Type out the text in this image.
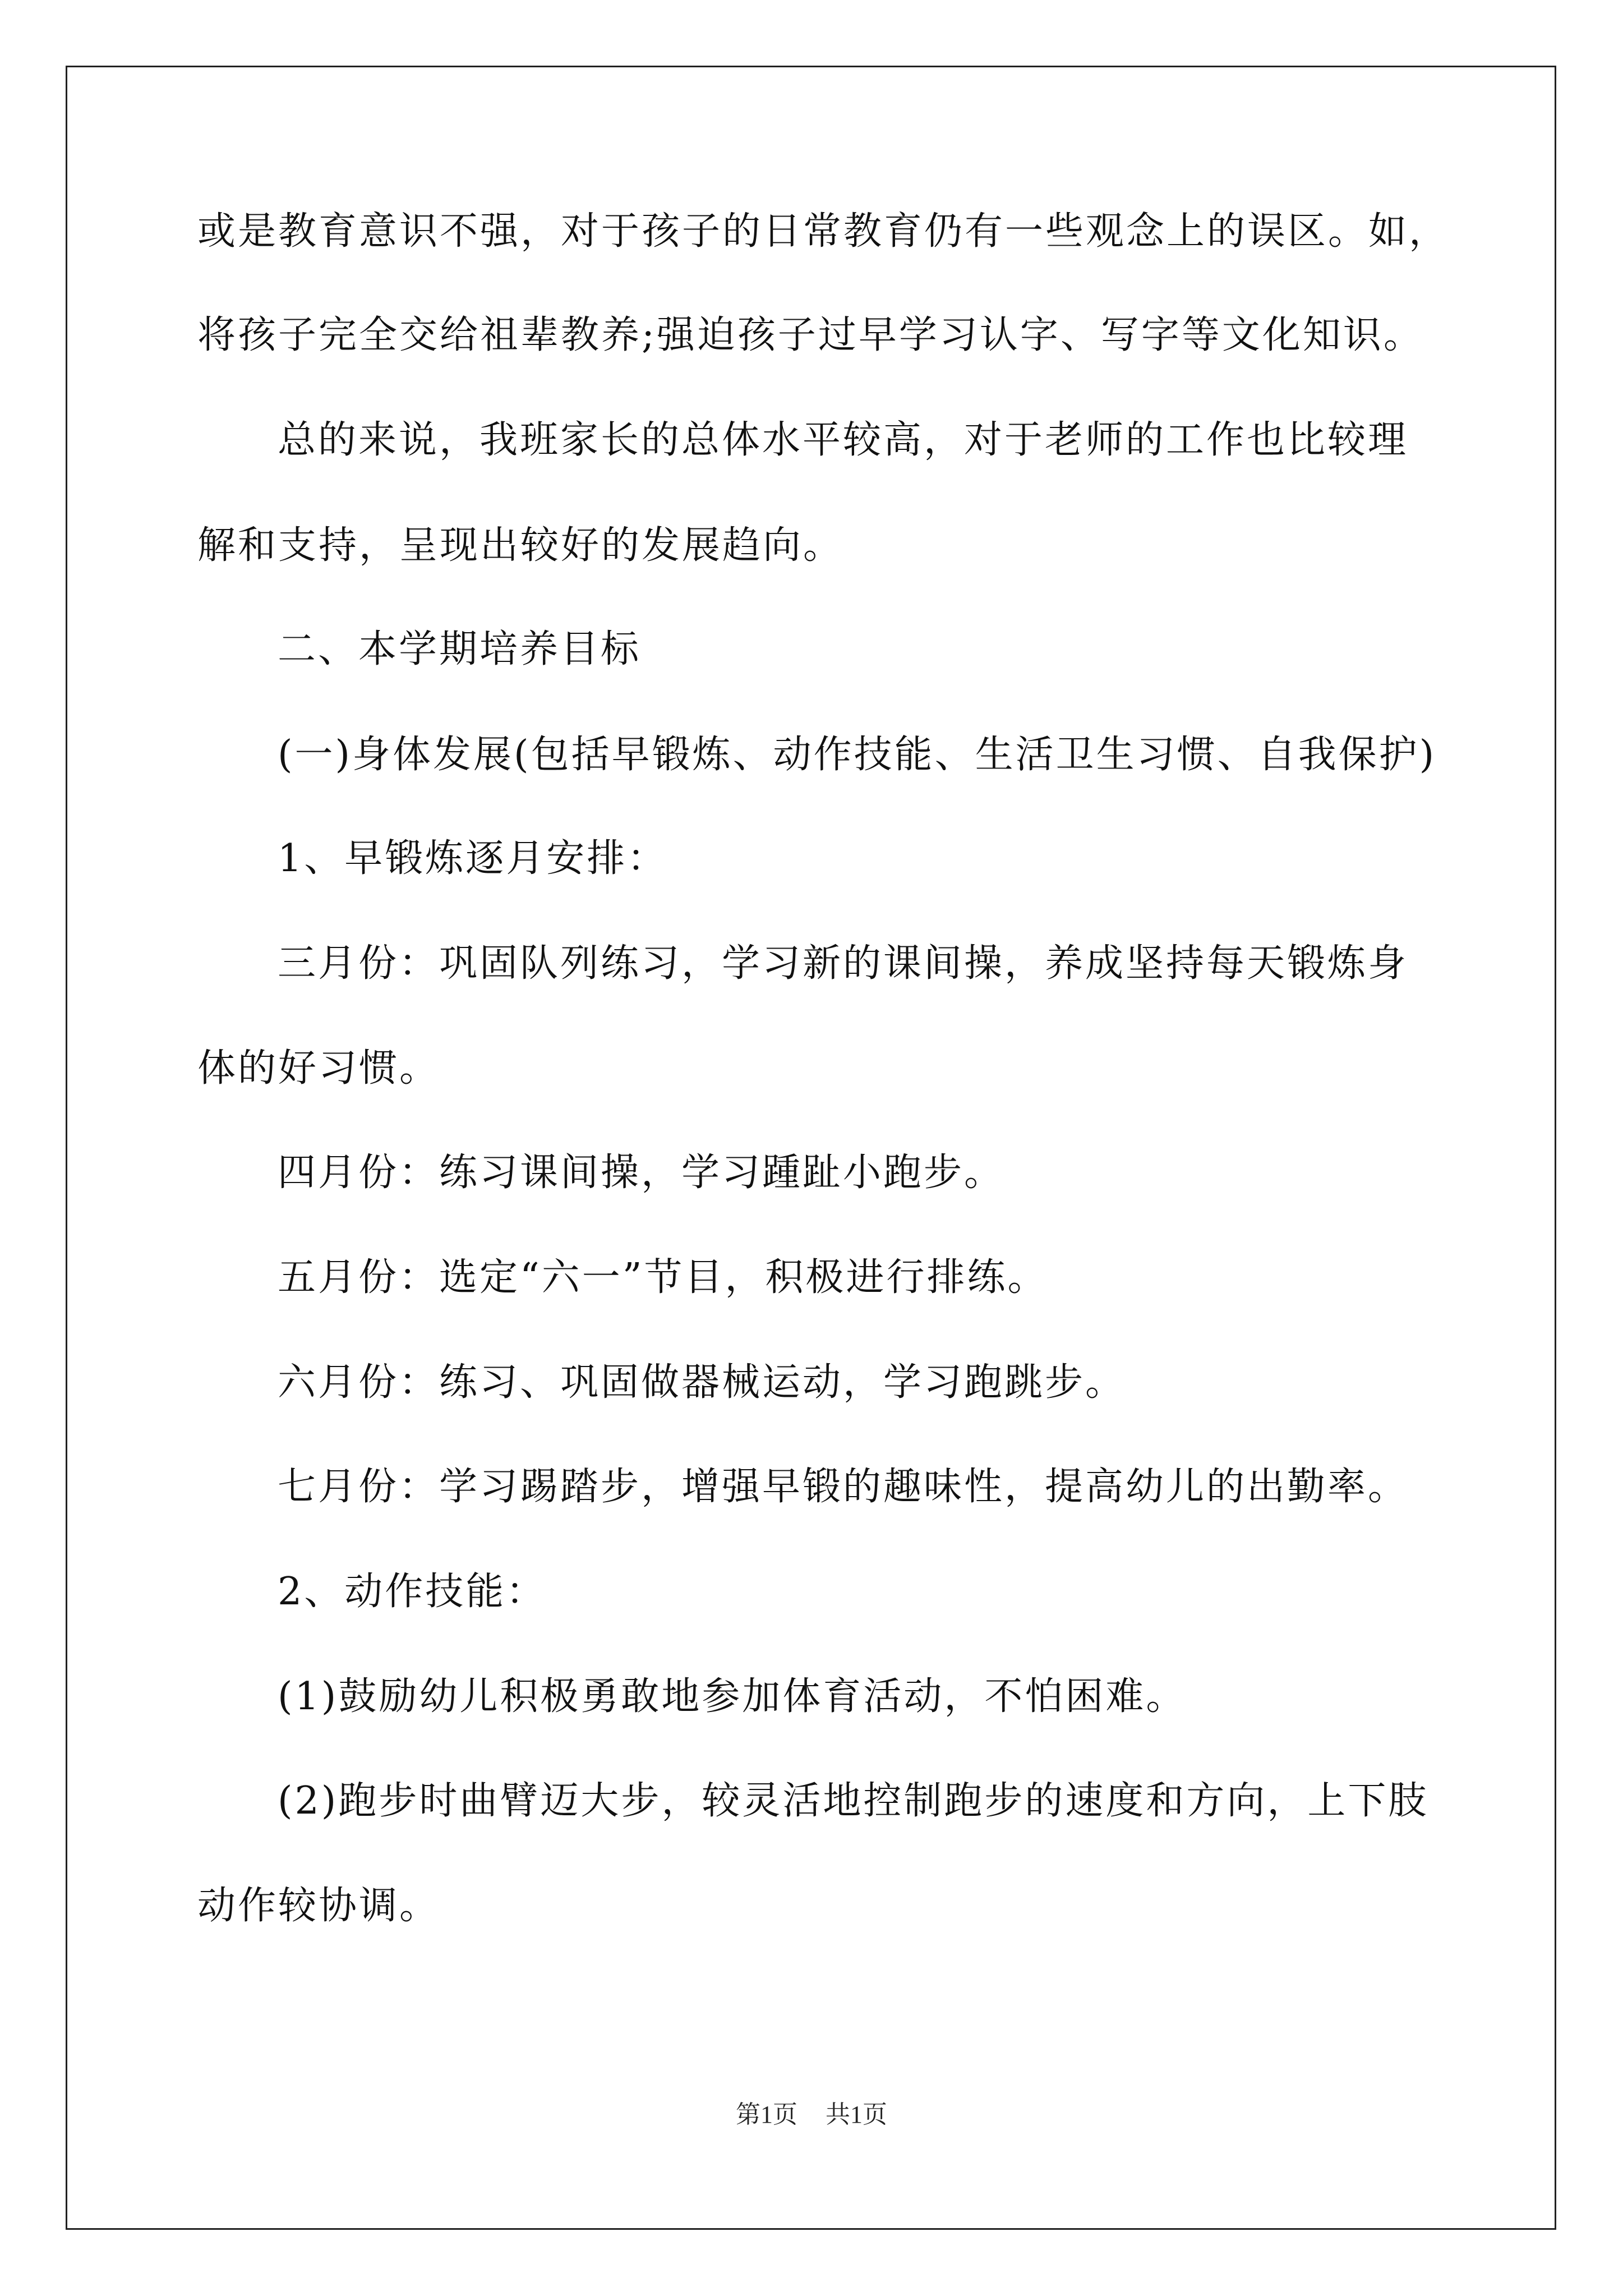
或是教育意识不强，对于孩子的日常教育仍有一些观念上的误区。如，
将孩子完全交给祖辈教养;强迫孩子过早学习认字、写字等文化知识。
总的来说，我班家长的总体水平较高，对于老师的工作也比较理
解和支持，呈现出较好的发展趋向。
二、本学期培养目标
(一)身体发展(包括早锻炼、动作技能、生活卫生习惯、自我保护)
1、早锻炼逐月安排：
三月份：巩固队列练习，学习新的课间操，养成坚持每天锻炼身
体的好习惯。
四月份：练习课间操，学习踵趾小跑步。
五月份：选定“六一”节目，积极进行排练。
六月份：练习、巩固做器械运动，学习跑跳步。
七月份：学习踢踏步，增强早锻的趣味性，提高幼儿的出勤率。
2、动作技能：
(1)鼓励幼儿积极勇敢地参加体育活动，不怕困难。
(2)跑步时曲臂迈大步，较灵活地控制跑步的速度和方向，上下肢
动作较协调。
第1页 共1页
